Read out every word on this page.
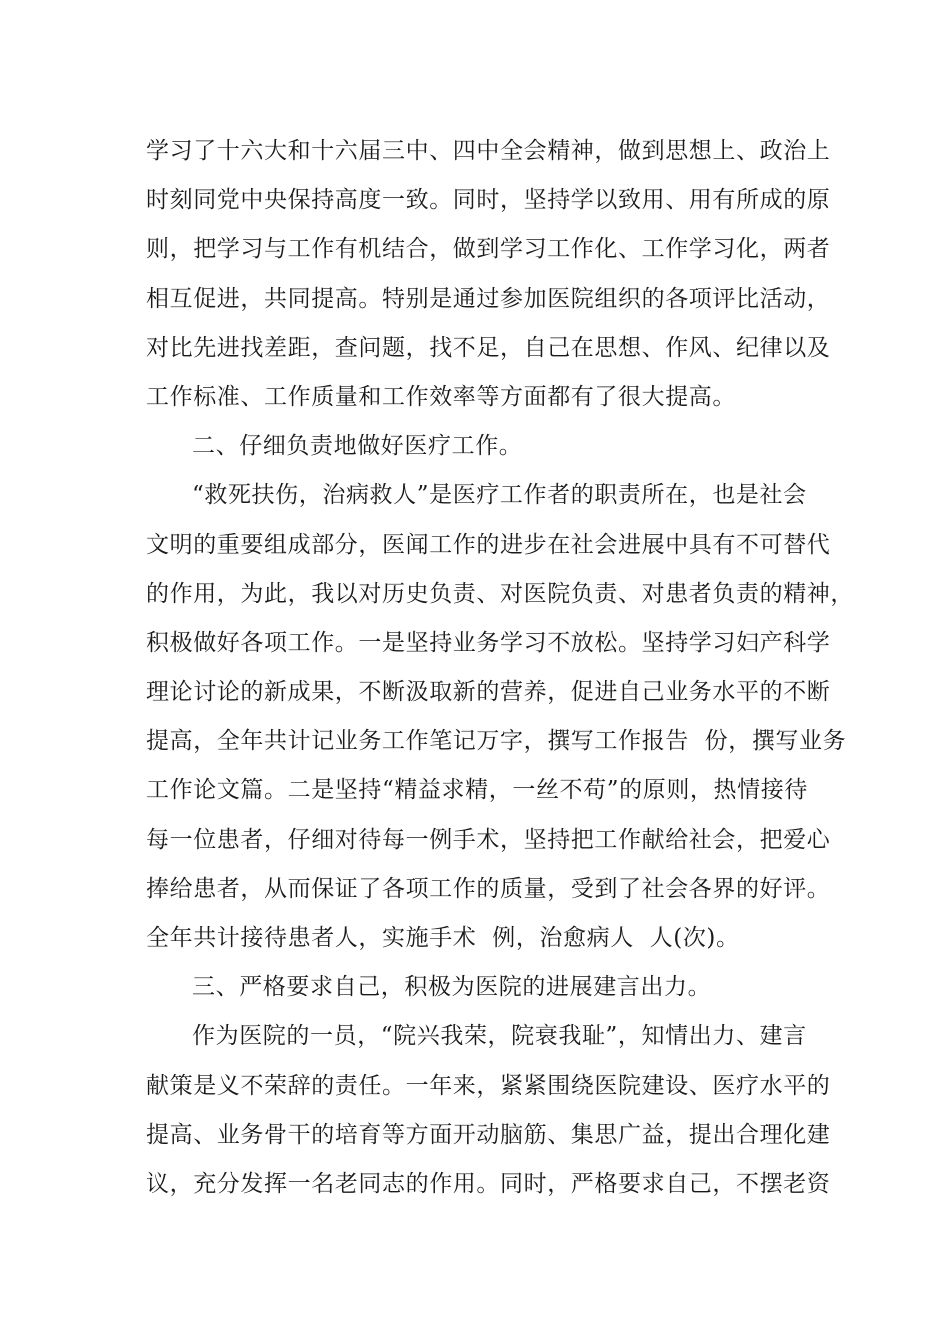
学习了十六大和十六届三中、四中全会精神，做到思想上、政治上
时刻同党中央保持高度一致。同时，坚持学以致用、用有所成的原
则，把学习与工作有机结合，做到学习工作化、工作学习化，两者
相互促进，共同提高。特别是通过参加医院组织的各项评比活动，
对比先进找差距，查问题，找不足，自己在思想、作风、纪律以及
工作标准、工作质量和工作效率等方面都有了很大提高。
二、仔细负责地做好医疗工作。
“救死扶伤，治病救人”是医疗工作者的职责所在，也是社会
文明的重要组成部分，医闻工作的进步在社会进展中具有不可替代
的作用，为此，我以对历史负责、对医院负责、对患者负责的精神，
积极做好各项工作。一是坚持业务学习不放松。坚持学习妇产科学
理论讨论的新成果，不断汲取新的营养，促进自己业务水平的不断
提高，全年共计记业务工作笔记万字，撰写工作报告  份，撰写业务
工作论文篇。二是坚持“精益求精，一丝不苟”的原则，热情接待
每一位患者，仔细对待每一例手术，坚持把工作献给社会，把爱心
捧给患者，从而保证了各项工作的质量，受到了社会各界的好评。
全年共计接待患者人，实施手术  例，治愈病人  人(次)。
三、严格要求自己，积极为医院的进展建言出力。
作为医院的一员，“院兴我荣，院衰我耻”，知情出力、建言
献策是义不荣辞的责任。一年来，紧紧围绕医院建设、医疗水平的
提高、业务骨干的培育等方面开动脑筋、集思广益，提出合理化建
议，充分发挥一名老同志的作用。同时，严格要求自己，不摆老资
